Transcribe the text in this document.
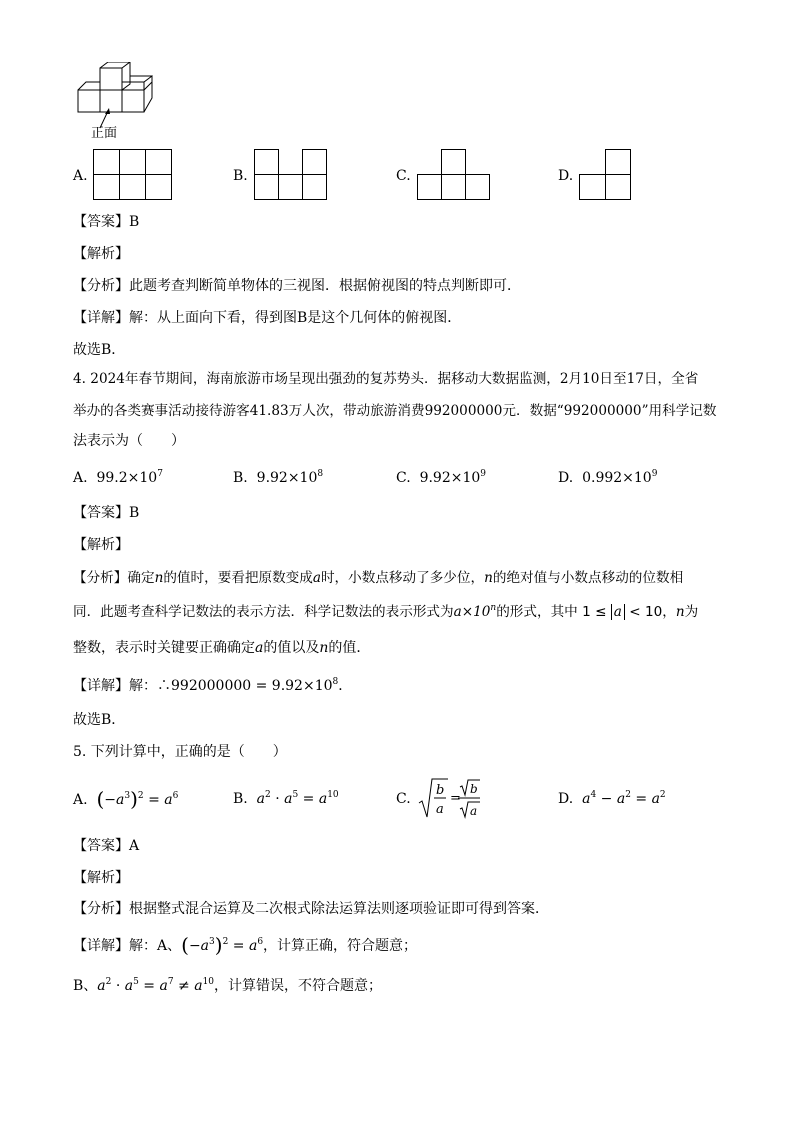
正面
A.	B.	C.	D.
【答案】B
【解析】
【分析】此题考查判断简单物体的三视图．根据俯视图的特点判断即可．
【详解】解：从上面向下看，得到图B是这个几何体的俯视图．
故选B．
4. 2024年春节期间，海南旅游市场呈现出强劲的复苏势头．据移动大数据监测，2月10日至17日，全省
举办的各类赛事活动接待游客41.83万人次，带动旅游消费992000000元．数据“992000000”用科学记数
法表示为（　　）
A. $99.2\times 10^7$	B. $9.92\times 10^8$	C. $9.92\times 10^9$	D. $0.992\times 10^9$
【答案】B
【解析】
【分析】确定n的值时，要看把原数变成a时，小数点移动了多少位，n的绝对值与小数点移动的位数相
同．此题考查科学记数法的表示方法．科学记数法的表示形式为$a\times 10^n$的形式，其中 1 ≤ a < 10，n为
整数，表示时关键要正确确定a的值以及n的值．
【详解】解：∴992000000 = $9.92\times 10^8$．
故选B．
5. 下列计算中，正确的是（　　）
A. $(-a^3)^2 = a^6$	B. $a^2 \cdot a^5 = a^{10}$	C.
b
a
=
b
a
D. $a^4 - a^2 = a^2$
【答案】A
【解析】
【分析】根据整式混合运算及二次根式除法运算法则逐项验证即可得到答案．
【详解】解：A、$(-a^3)^2 = a^6$，计算正确，符合题意；
B、$a^2 \cdot a^5 = a^7 \ne a^{10}$，计算错误，不符合题意；
